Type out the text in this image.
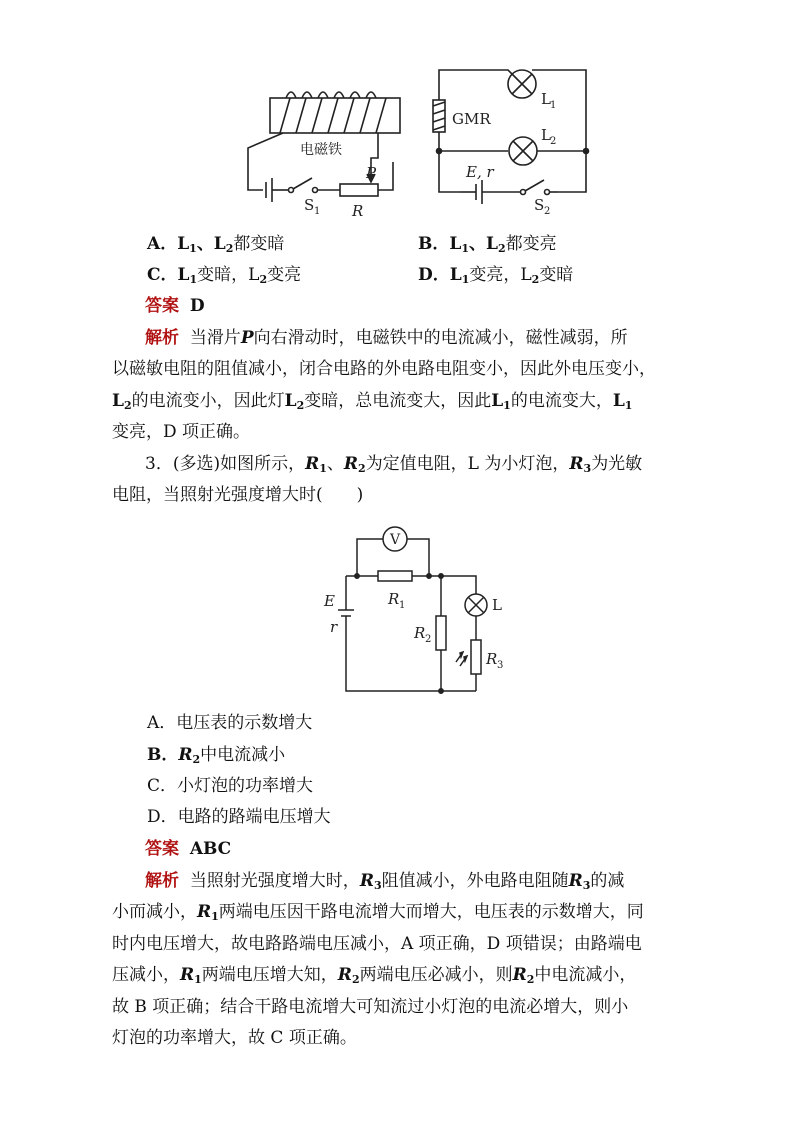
电磁铁
P
R
S 1
GMR
L 1
L 2
E, r
S 2
A．$L_1$、$L_2$都变暗	B．$L_1$、$L_2$都变亮
C．$L_1$变暗，$L_2$变亮	D．$L_1$变亮，$L_2$变暗
答案 D
解析 当滑片P向右滑动时，电磁铁中的电流减小，磁性减弱，所
以磁敏电阻的阻值减小，闭合电路的外电路电阻变小，因此外电压变小，
$L_2$的电流变小，因此灯$L_2$变暗，总电流变大，因此$L_1$的电流变大，$L_1$
变亮，D 项正确。
3．(多选)如图所示，$R_1$、$R_2$为定值电阻，L 为小灯泡，$R_3$为光敏
电阻，当照射光强度增大时(　　)
V
E
r
R 1
R 2
R 3
L
A．电压表的示数增大
B．$R_2$中电流减小
C．小灯泡的功率增大
D．电路的路端电压增大
答案 ABC
解析 当照射光强度增大时，$R_3$阻值减小，外电路电阻随$R_3$的减
小而减小，$R_1$两端电压因干路电流增大而增大，电压表的示数增大，同
时内电压增大，故电路路端电压减小，A 项正确，D 项错误；由路端电
压减小，$R_1$两端电压增大知，$R_2$两端电压必减小，则$R_2$中电流减小，
故 B 项正确；结合干路电流增大可知流过小灯泡的电流必增大，则小
灯泡的功率增大，故 C 项正确。
